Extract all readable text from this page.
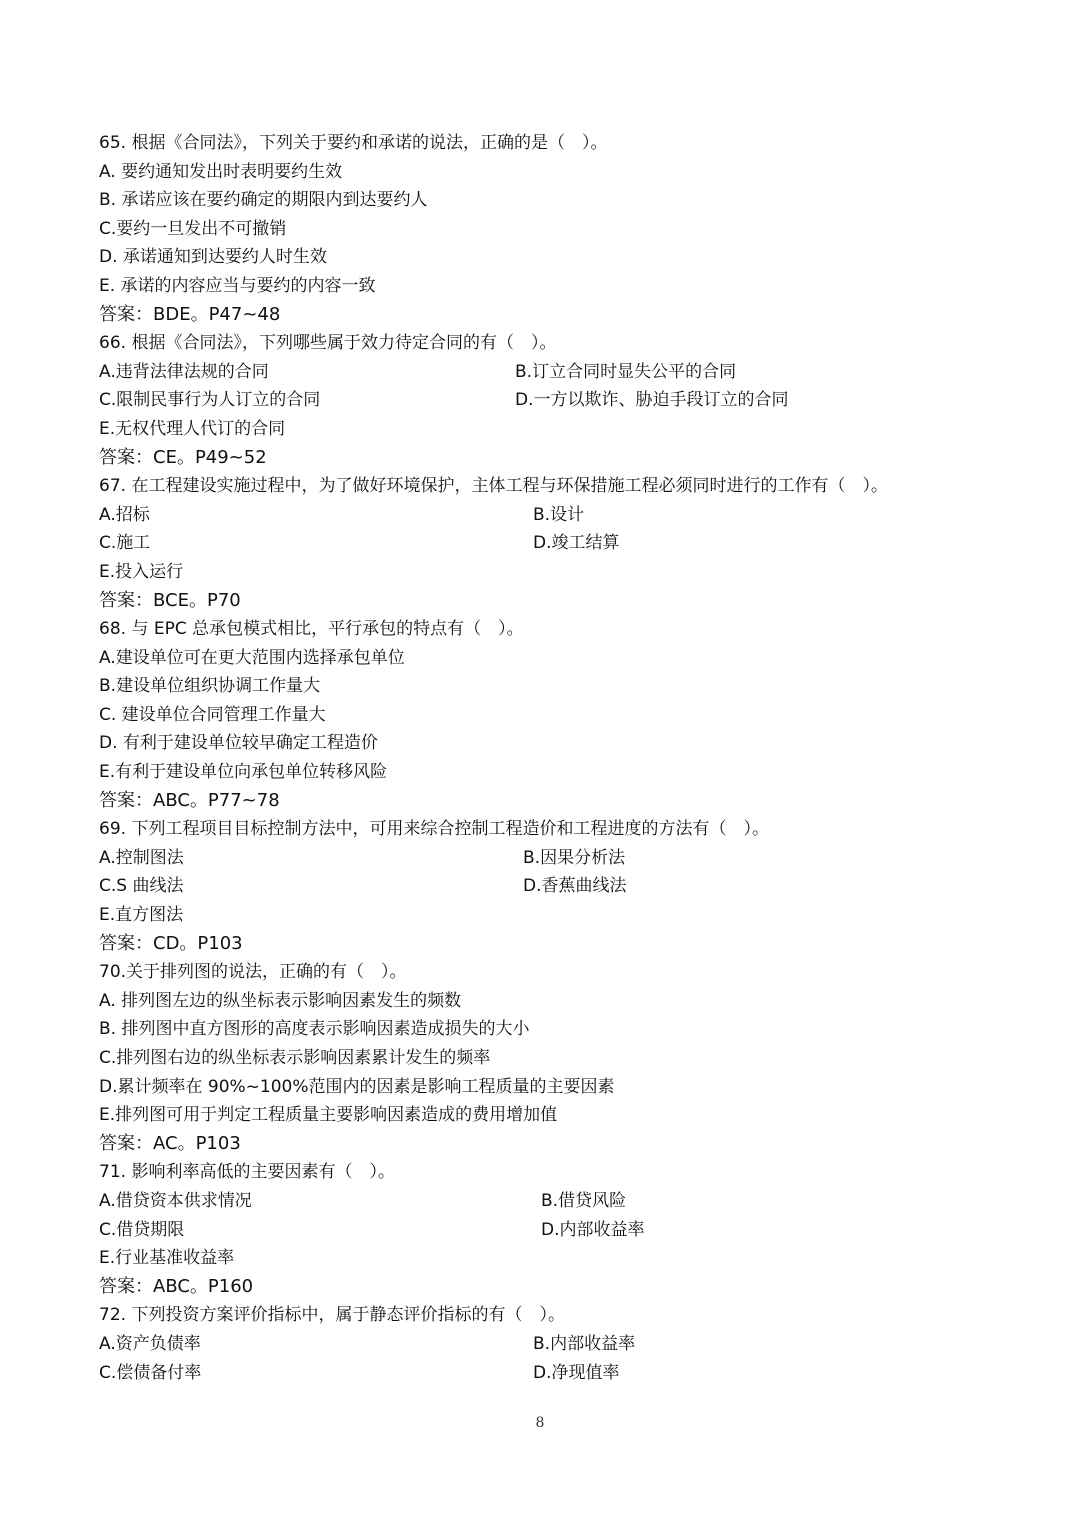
65. 根据《合同法》，下列关于要约和承诺的说法，正确的是（　）。
A. 要约通知发出时表明要约生效
B. 承诺应该在要约确定的期限内到达要约人
C.要约一旦发出不可撤销
D. 承诺通知到达要约人时生效
E. 承诺的内容应当与要约的内容一致
答案：BDE。P47~48
66. 根据《合同法》，下列哪些属于效力待定合同的有（　）。
A.违背法律法规的合同	B.订立合同时显失公平的合同
C.限制民事行为人订立的合同	D.一方以欺诈、胁迫手段订立的合同
E.无权代理人代订的合同
答案：CE。P49~52
67. 在工程建设实施过程中，为了做好环境保护，主体工程与环保措施工程必须同时进行的工作有（　）。
A.招标	B.设计
C.施工	D.竣工结算
E.投入运行
答案：BCE。P70
68. 与 EPC 总承包模式相比，平行承包的特点有（　）。
A.建设单位可在更大范围内选择承包单位
B.建设单位组织协调工作量大
C. 建设单位合同管理工作量大
D. 有利于建设单位较早确定工程造价
E.有利于建设单位向承包单位转移风险
答案：ABC。P77~78
69. 下列工程项目目标控制方法中，可用来综合控制工程造价和工程进度的方法有（　）。
A.控制图法	B.因果分析法
C.S 曲线法	D.香蕉曲线法
E.直方图法
答案：CD。P103
70.关于排列图的说法，正确的有（　）。
A. 排列图左边的纵坐标表示影响因素发生的频数
B. 排列图中直方图形的高度表示影响因素造成损失的大小
C.排列图右边的纵坐标表示影响因素累计发生的频率
D.累计频率在 90%~100%范围内的因素是影响工程质量的主要因素
E.排列图可用于判定工程质量主要影响因素造成的费用增加值
答案：AC。P103
71. 影响利率高低的主要因素有（　）。
A.借贷资本供求情况	B.借贷风险
C.借贷期限	D.内部收益率
E.行业基准收益率
答案：ABC。P160
72. 下列投资方案评价指标中，属于静态评价指标的有（　）。
A.资产负债率	B.内部收益率
C.偿债备付率	D.净现值率
8
